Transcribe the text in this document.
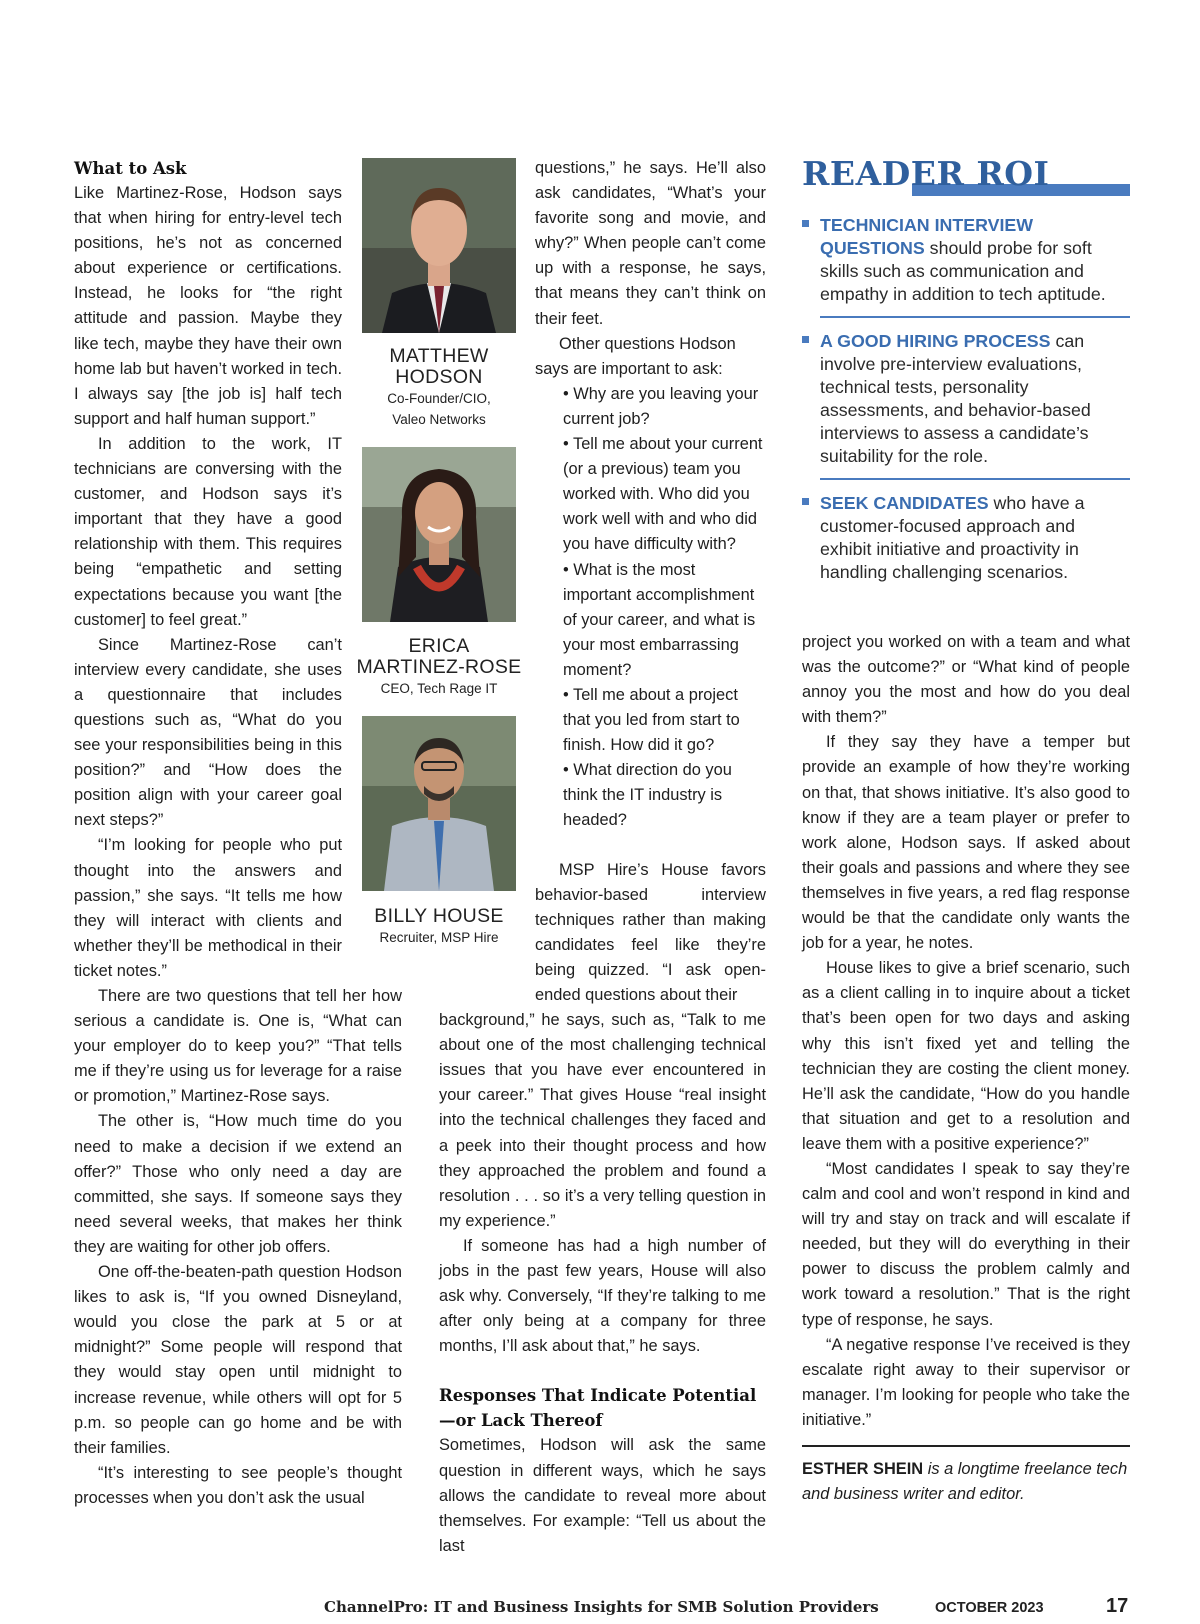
What to Ask

Like Martinez-Rose, Hodson says that when hiring for entry-level tech positions, he’s not as concerned about experience or certifications. Instead, he looks for “the right attitude and passion. Maybe they like tech, maybe they have their own home lab but haven’t worked in tech. I always say [the job is] half tech support and half human support.”

In addition to the work, IT technicians are conversing with the customer, and Hodson says it’s important that they have a good relationship with them. This requires being “empathetic and setting expectations because you want [the customer] to feel great.”

Since Martinez-Rose can’t interview every candidate, she uses a questionnaire that includes questions such as, “What do you see your responsibilities being in this position?” and “How does the position align with your career goal next steps?”

“I’m looking for people who put thought into the answers and passion,” she says. “It tells me how they will interact with clients and whether they’ll be methodical in their ticket notes.”

There are two questions that tell her how serious a candidate is. One is, “What can your employer do to keep you?” “That tells me if they’re using us for leverage for a raise or promotion,” Martinez-Rose says.

The other is, “How much time do you need to make a decision if we extend an offer?” Those who only need a day are committed, she says. If someone says they need several weeks, that makes her think they are waiting for other job offers.

One off-the-beaten-path question Hodson likes to ask is, “If you owned Disneyland, would you close the park at 5 or at midnight?” Some people will respond that they would stay open until midnight to increase revenue, while others will opt for 5 p.m. so people can go home and be with their families.

“It’s interesting to see people’s thought processes when you don’t ask the usual

MATTHEW HODSON
Co-Founder/CIO,
Valeo Networks
ERICA
MARTINEZ-ROSE
CEO, Tech Rage IT
BILLY HOUSE
Recruiter, MSP Hire

questions,” he says. He’ll also ask candidates, “What’s your favorite song and movie, and why?” When people can’t come up with a response, he says, that means they can’t think on their feet.

Other questions Hodson says are important to ask:

• Why are you leaving your current job?

• Tell me about your current (or a previous) team you worked with. Who did you work well with and who did you have difficulty with?

• What is the most important accomplishment of your career, and what is your most embarrassing moment?

• Tell me about a project that you led from start to finish. How did it go?

• What direction do you think the IT industry is headed?

MSP Hire’s House favors behavior-based interview techniques rather than making candidates feel like they’re being quizzed. “I ask open-ended questions about their

background,” he says, such as, “Talk to me about one of the most challenging technical issues that you have ever encountered in your career.” That gives House “real insight into the technical challenges they faced and a peek into their thought process and how they approached the problem and found a resolution . . . so it’s a very telling question in my experience.”

If someone has had a high number of jobs in the past few years, House will also ask why. Conversely, “If they’re talking to me after only being at a company for three months, I’ll ask about that,” he says.

Responses That Indicate Potential—or Lack Thereof

Sometimes, Hodson will ask the same question in different ways, which he says allows the candidate to reveal more about themselves. For example: “Tell us about the last

READER ROI
TECHNICIAN INTERVIEW QUESTIONS should probe for soft skills such as communication and empathy in addition to tech aptitude.
A GOOD HIRING PROCESS can involve pre-interview evaluations, technical tests, personality assessments, and behavior-based interviews to assess a candidate’s suitability for the role.
SEEK CANDIDATES who have a customer-focused approach and exhibit initiative and proactivity in handling challenging scenarios.

project you worked on with a team and what was the outcome?” or “What kind of people annoy you the most and how do you deal with them?”

If they say they have a temper but provide an example of how they’re working on that, that shows initiative. It’s also good to know if they are a team player or prefer to work alone, Hodson says. If asked about their goals and passions and where they see themselves in five years, a red flag response would be that the candidate only wants the job for a year, he notes.

House likes to give a brief scenario, such as a client calling in to inquire about a ticket that’s been open for two days and asking why this isn’t fixed yet and telling the technician they are costing the client money. He’ll ask the candidate, “How do you handle that situation and get to a resolution and leave them with a positive experience?”

“Most candidates I speak to say they’re calm and cool and won’t respond in kind and will try and stay on track and will escalate if needed, but they will do everything in their power to discuss the problem calmly and work toward a resolution.” That is the right type of response, he says.

“A negative response I’ve received is they escalate right away to their supervisor or manager. I’m looking for people who take the initiative.”

ESTHER SHEIN is a longtime freelance tech and business writer and editor.

ChannelPro: IT and Business Insights for SMB Solution Providers	OCTOBER 2023	17
